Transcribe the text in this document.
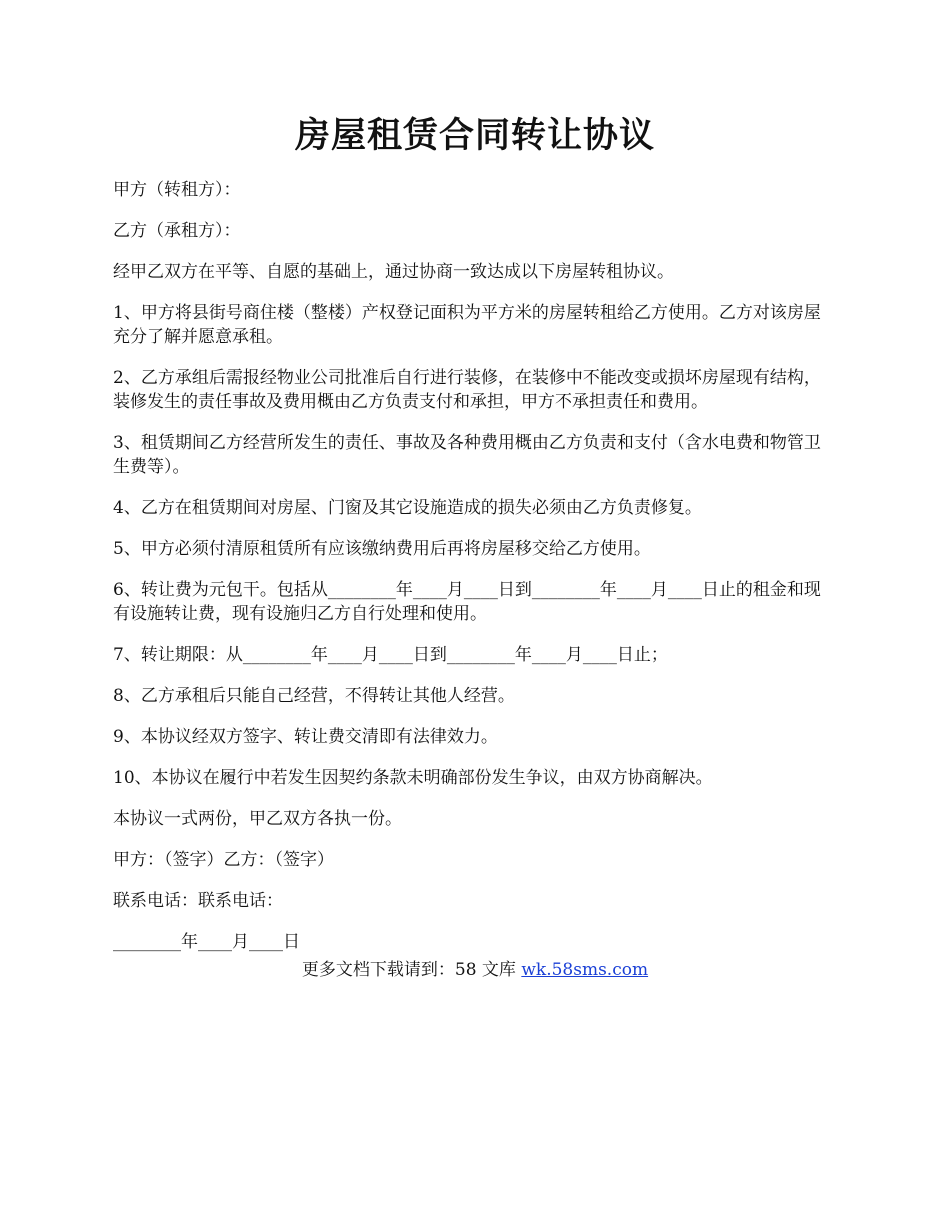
房屋租赁合同转让协议

甲方（转租方）：

乙方（承租方）：

经甲乙双方在平等、自愿的基础上，通过协商一致达成以下房屋转租协议。

1、甲方将县街号商住楼（整楼）产权登记面积为平方米的房屋转租给乙方使用。乙方对该房屋充分了解并愿意承租。

2、乙方承组后需报经物业公司批准后自行进行装修，在装修中不能改变或损坏房屋现有结构，装修发生的责任事故及费用概由乙方负责支付和承担，甲方不承担责任和费用。

3、租赁期间乙方经营所发生的责任、事故及各种费用概由乙方负责和支付（含水电费和物管卫生费等）。

4、乙方在租赁期间对房屋、门窗及其它设施造成的损失必须由乙方负责修复。

5、甲方必须付清原租赁所有应该缴纳费用后再将房屋移交给乙方使用。

6、转让费为元包干。包括从________年____月____日到________年____月____日止的租金和现有设施转让费，现有设施归乙方自行处理和使用。

7、转让期限：从________年____月____日到________年____月____日止；

8、乙方承租后只能自己经营，不得转让其他人经营。

9、本协议经双方签字、转让费交清即有法律效力。

10、本协议在履行中若发生因契约条款未明确部份发生争议，由双方协商解决。

本协议一式两份，甲乙双方各执一份。

甲方：（签字）乙方：（签字）

联系电话：联系电话：

________年____月____日

更多文档下载请到：58 文库 wk.58sms.com
